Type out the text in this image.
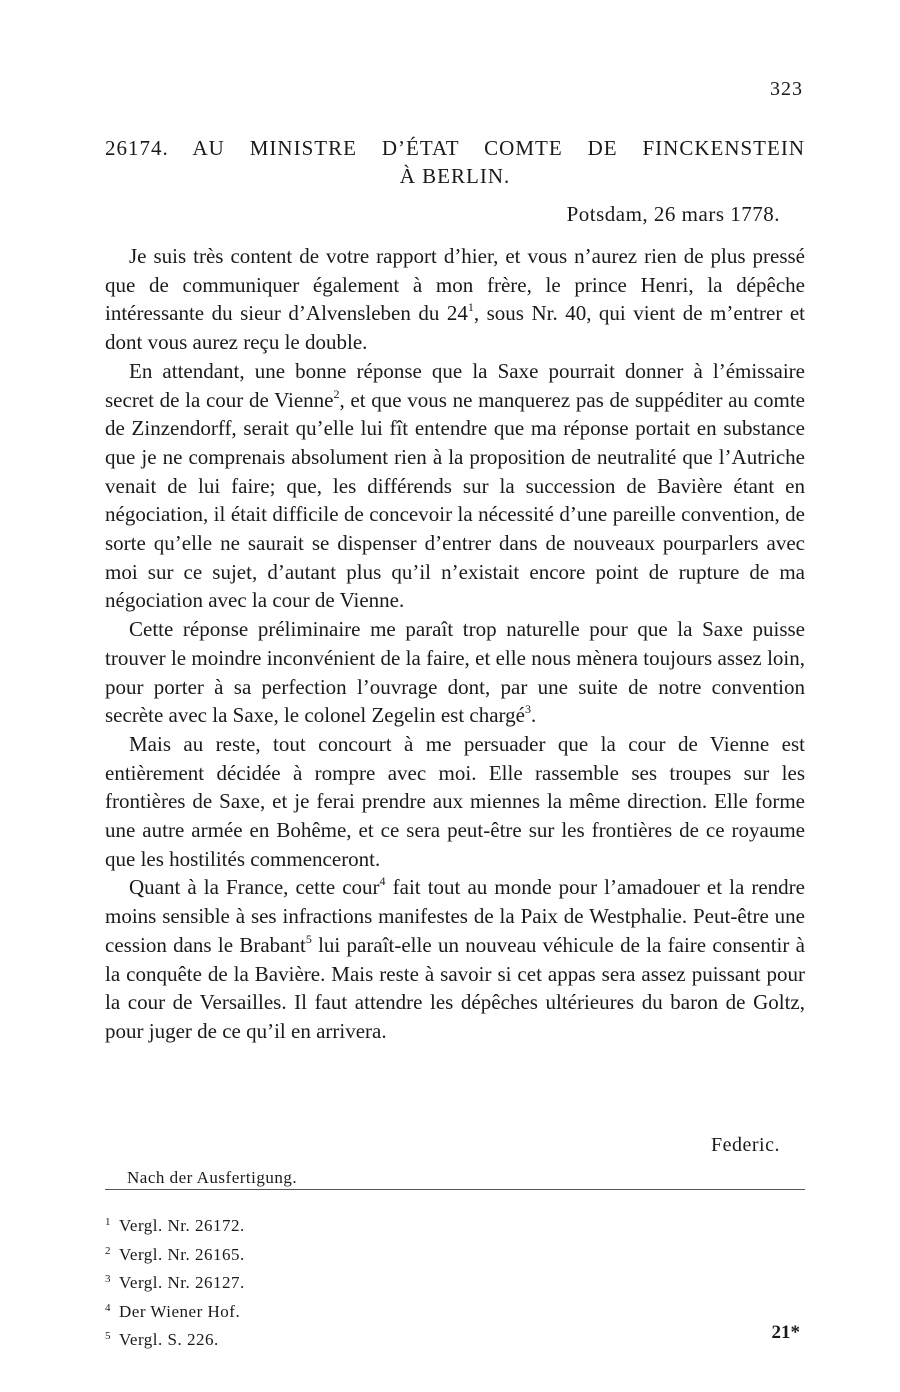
323
26174. AU MINISTRE D’ÉTAT COMTE DE FINCKENSTEIN
À BERLIN.
Potsdam, 26 mars 1778.

Je suis très content de votre rapport d’hier, et vous n’aurez rien de plus pressé que de communiquer également à mon frère, le prince Henri, la dépêche intéressante du sieur d’Alvensleben du $24^1$, sous Nr. 40, qui vient de m’entrer et dont vous aurez reçu le double.

En attendant, une bonne réponse que la Saxe pourrait donner à l’émissaire secret de la cour de Vienne$^2$, et que vous ne manquerez pas de suppéditer au comte de Zinzendorff, serait qu’elle lui fît entendre que ma réponse portait en substance que je ne comprenais absolument rien à la proposition de neutralité que l’Autriche venait de lui faire; que, les différends sur la succession de Bavière étant en négociation, il était difficile de concevoir la nécessité d’une pareille convention, de sorte qu’elle ne saurait se dispenser d’entrer dans de nouveaux pourparlers avec moi sur ce sujet, d’autant plus qu’il n’existait encore point de rupture de ma négociation avec la cour de Vienne.

Cette réponse préliminaire me paraît trop naturelle pour que la Saxe puisse trouver le moindre inconvénient de la faire, et elle nous mènera toujours assez loin, pour porter à sa perfection l’ouvrage dont, par une suite de notre convention secrète avec la Saxe, le colonel Zegelin est chargé$^3$.

Mais au reste, tout concourt à me persuader que la cour de Vienne est entièrement décidée à rompre avec moi. Elle rassemble ses troupes sur les frontières de Saxe, et je ferai prendre aux miennes la même direction. Elle forme une autre armée en Bohême, et ce sera peut-être sur les frontières de ce royaume que les hostilités commenceront.

Quant à la France, cette cour$^4$ fait tout au monde pour l’amadouer et la rendre moins sensible à ses infractions manifestes de la Paix de Westphalie. Peut-être une cession dans le Brabant$^5$ lui paraît-elle un nouveau véhicule de la faire consentir à la conquête de la Bavière. Mais reste à savoir si cet appas sera assez puissant pour la cour de Versailles. Il faut attendre les dépêches ultérieures du baron de Goltz, pour juger de ce qu’il en arrivera.

Federic.
Nach der Ausfertigung.
1 Vergl. Nr. 26172.
2 Vergl. Nr. 26165.
3 Vergl. Nr. 26127.
4 Der Wiener Hof.
5 Vergl. S. 226.	21*
